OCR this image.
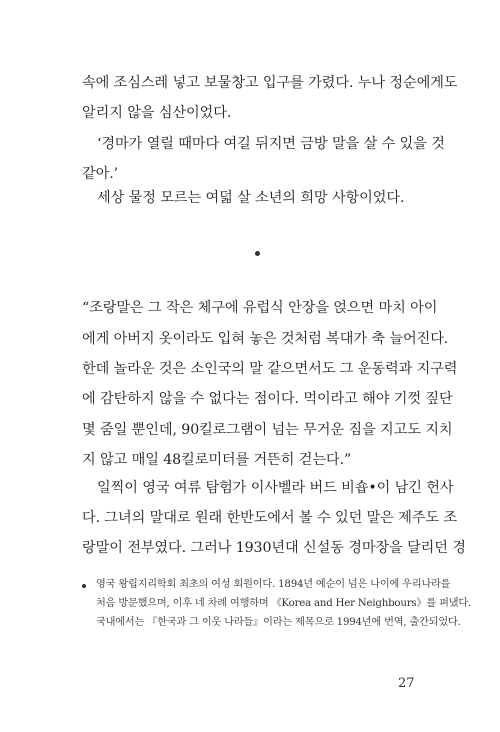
속에 조심스레 넣고 보물창고 입구를 가렸다. 누나 정순에게도
알리지 않을 심산이었다.
‘경마가 열릴 때마다 여길 뒤지면 금방 말을 살 수 있을 것
같아.’
세상 물정 모르는 여덟 살 소년의 희망 사항이었다.
“조랑말은 그 작은 체구에 유럽식 안장을 얹으면 마치 아이
에게 아버지 옷이라도 입혀 놓은 것처럼 복대가 축 늘어진다.
한데 놀라운 것은 소인국의 말 같으면서도 그 운동력과 지구력
에 감탄하지 않을 수 없다는 점이다. 먹이라고 해야 기껏 짚단
몇 줌일 뿐인데, 90킬로그램이 넘는 무거운 짐을 지고도 지치
지 않고 매일 48킬로미터를 거뜬히 걷는다.”
일찍이 영국 여류 탐험가 이사벨라 버드 비숍•이 남긴 헌사
다. 그녀의 말대로 원래 한반도에서 볼 수 있던 말은 제주도 조
랑말이 전부였다. 그러나 1930년대 신설동 경마장을 달리던 경
영국 왕립지리학회 최초의 여성 회원이다. 1894년 예순이 넘은 나이에 우리나라를
처음 방문했으며, 이후 네 차례 여행하며 《Korea and Her Neighbours》를 펴냈다.
국내에서는 『한국과 그 이웃 나라들』이라는 제목으로 1994년에 번역, 출간되었다.
27
